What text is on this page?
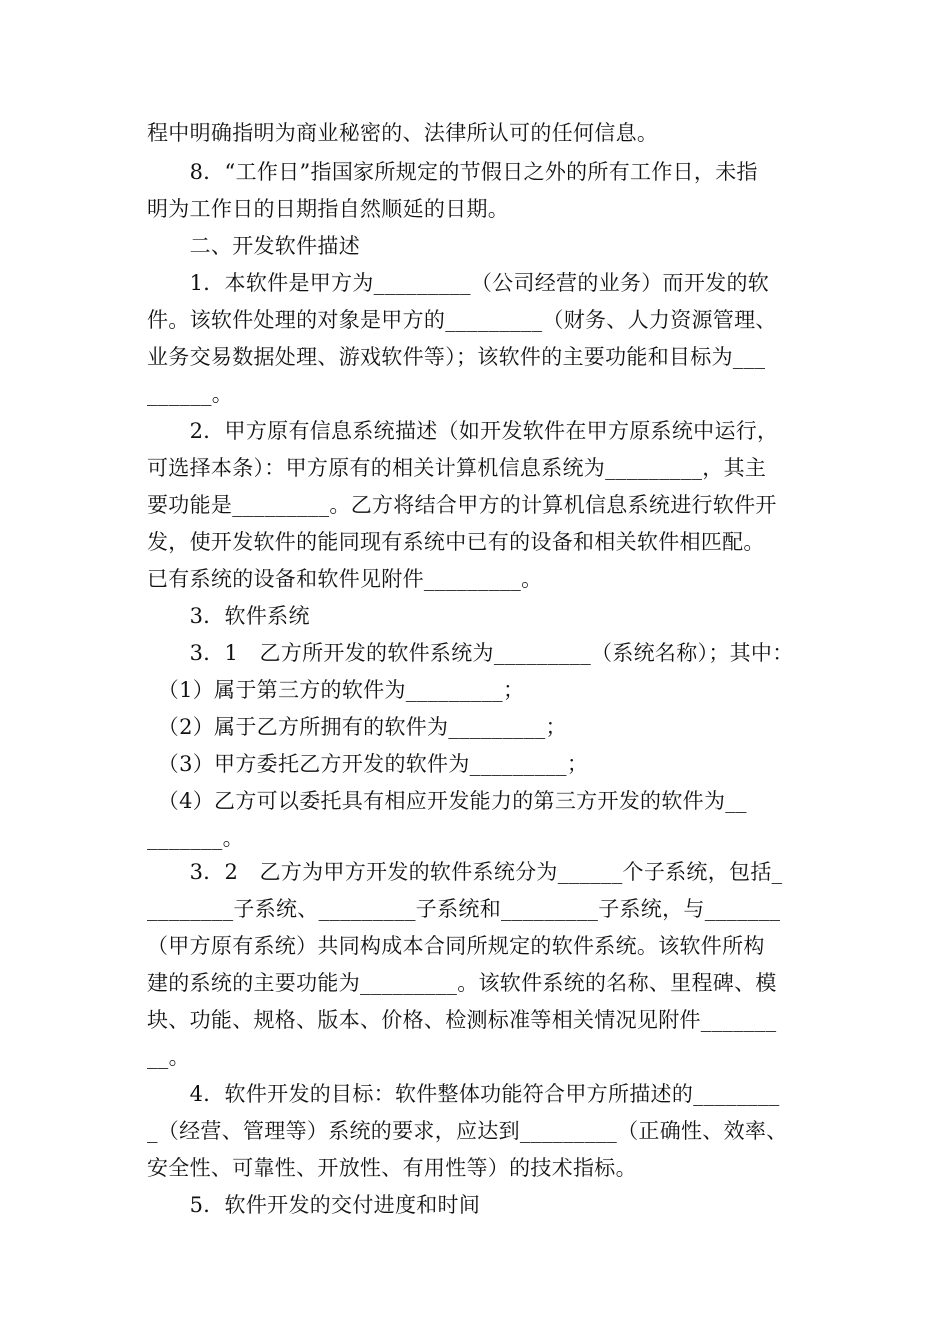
程中明确指明为商业秘密的、法律所认可的任何信息。

　　8．“工作日”指国家所规定的节假日之外的所有工作日，未指

明为工作日的日期指自然顺延的日期。

　　二、开发软件描述

　　1．本软件是甲方为_________（公司经营的业务）而开发的软

件。该软件处理的对象是甲方的_________（财务、人力资源管理、

业务交易数据处理、游戏软件等）；该软件的主要功能和目标为___

______。

　　2．甲方原有信息系统描述（如开发软件在甲方原系统中运行，

可选择本条）：甲方原有的相关计算机信息系统为_________，其主

要功能是_________。乙方将结合甲方的计算机信息系统进行软件开

发，使开发软件的能同现有系统中已有的设备和相关软件相匹配。

已有系统的设备和软件见附件_________。

　　3．软件系统

　　3．1　乙方所开发的软件系统为_________（系统名称）；其中：

　（1）属于第三方的软件为_________；

　（2）属于乙方所拥有的软件为_________；

　（3）甲方委托乙方开发的软件为_________；

　（4）乙方可以委托具有相应开发能力的第三方开发的软件为__

_______。

　　3．2　乙方为甲方开发的软件系统分为______个子系统，包括_

________子系统、_________子系统和_________子系统，与_______

（甲方原有系统）共同构成本合同所规定的软件系统。该软件所构

建的系统的主要功能为_________。该软件系统的名称、里程碑、模

块、功能、规格、版本、价格、检测标准等相关情况见附件_______

__。

　　4．软件开发的目标：软件整体功能符合甲方所描述的________

_（经营、管理等）系统的要求，应达到_________（正确性、效率、

安全性、可靠性、开放性、有用性等）的技术指标。

　　5．软件开发的交付进度和时间
